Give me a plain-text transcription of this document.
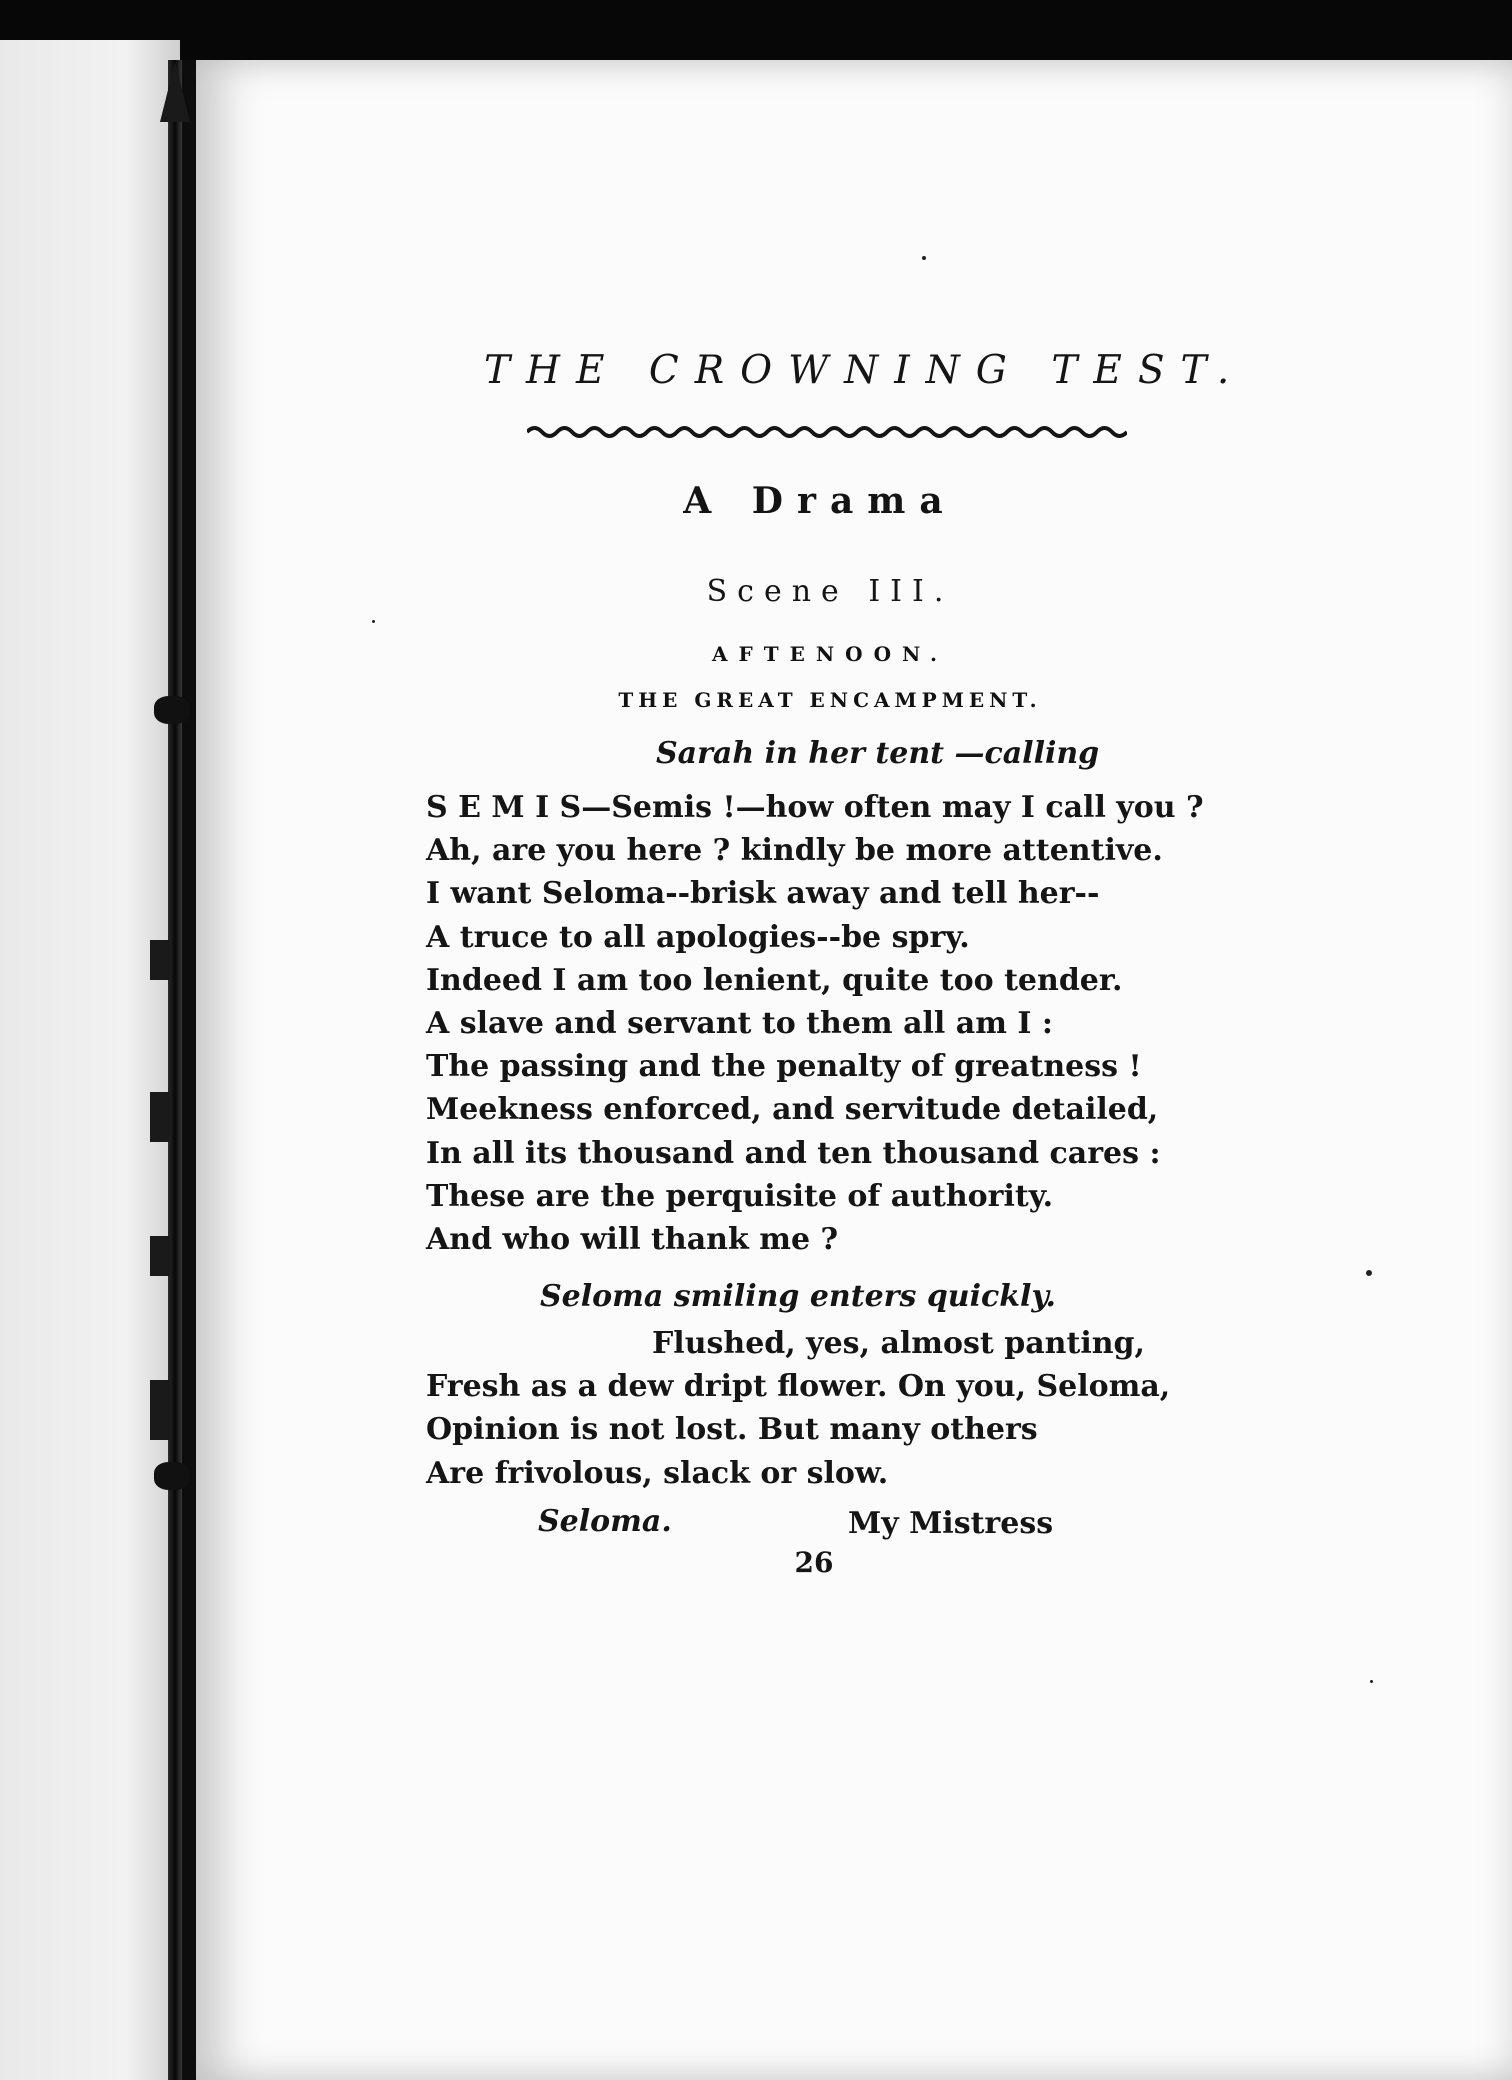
THE CROWNING TEST.
A Drama
Scene III.
AFTENOON.
THE GREAT ENCAMPMENT.
Sarah in her tent —calling
S E M I S—Semis !—how often may I call you ?
Ah, are you here ? kindly be more attentive.
I want Seloma--brisk away and tell her--
A truce to all apologies--be spry.
Indeed I am too lenient, quite too tender.
A slave and servant to them all am I :
The passing and the penalty of greatness !
Meekness enforced, and servitude detailed,
In all its thousand and ten thousand cares :
These are the perquisite of authority.
And who will thank me ?
Seloma smiling enters quickly.
Flushed, yes, almost panting,
Fresh as a dew dript flower. On you, Seloma,
Opinion is not lost. But many others
Are frivolous, slack or slow.
Seloma.	My Mistress
26
